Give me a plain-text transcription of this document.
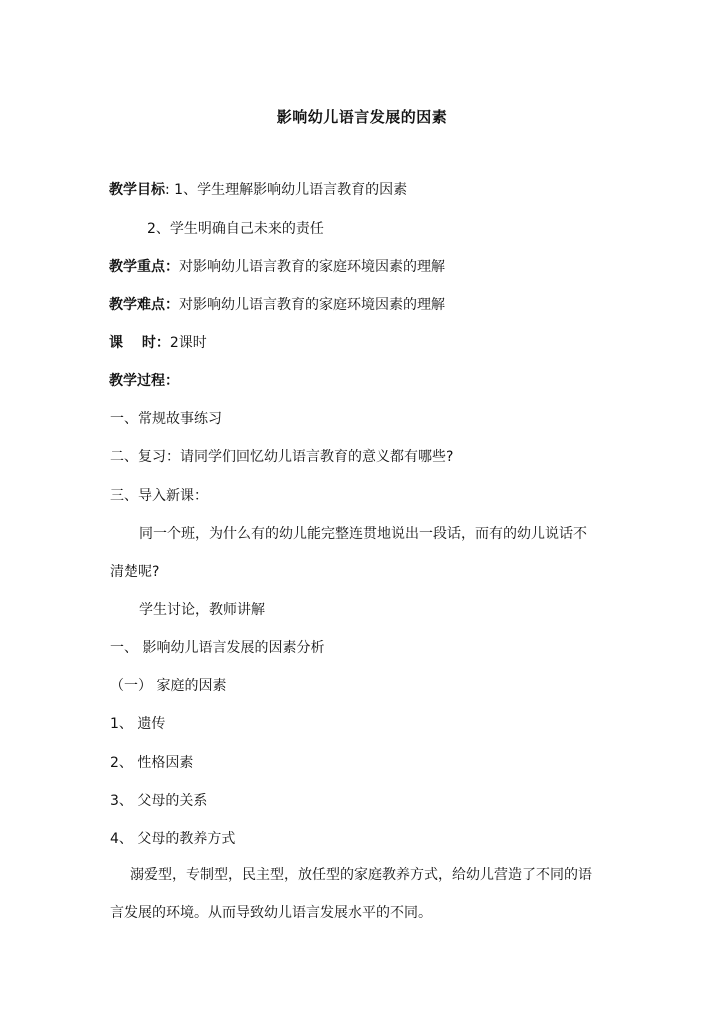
影响幼儿语言发展的因素
教学目标: 1、学生理解影响幼儿语言教育的因素
2、学生明确自己未来的责任
教学重点：对影响幼儿语言教育的家庭环境因素的理解
教学难点：对影响幼儿语言教育的家庭环境因素的理解
课　 时：2课时
教学过程：
一、常规故事练习
二、复习：请同学们回忆幼儿语言教育的意义都有哪些?
三、导入新课：
同一个班，为什么有的幼儿能完整连贯地说出一段话，而有的幼儿说话不
清楚呢?
学生讨论，教师讲解
一、 影响幼儿语言发展的因素分析
（一） 家庭的因素
1、 遗传
2、 性格因素
3、 父母的关系
4、 父母的教养方式
溺爱型，专制型，民主型，放任型的家庭教养方式，给幼儿营造了不同的语
言发展的环境。从而导致幼儿语言发展水平的不同。
